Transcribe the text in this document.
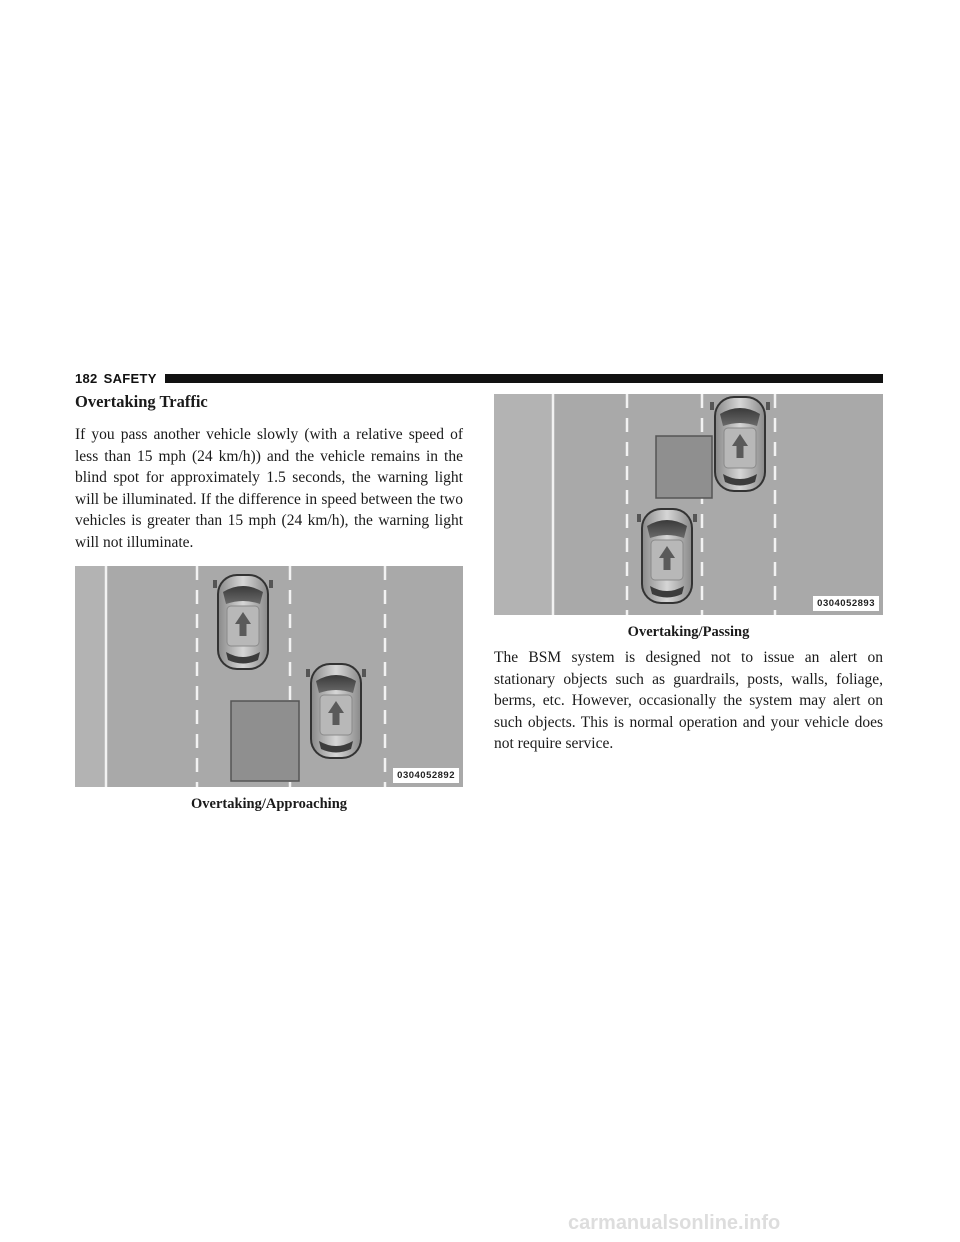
182 SAFETY
Overtaking Traffic

If you pass another vehicle slowly (with a relative speed of less than 15 mph (24 km/h)) and the vehicle remains in the blind spot for approximately 1.5 seconds, the warning light will be illuminated. If the difference in speed between the two vehicles is greater than 15 mph (24 km/h), the warning light will not illuminate.

0304052892
Overtaking/Approaching
0304052893
Overtaking/Passing

The BSM system is designed not to issue an alert on stationary objects such as guardrails, posts, walls, foliage, berms, etc. However, occasionally the system may alert on such objects. This is normal operation and your vehicle does not require service.

carmanualsonline.info
